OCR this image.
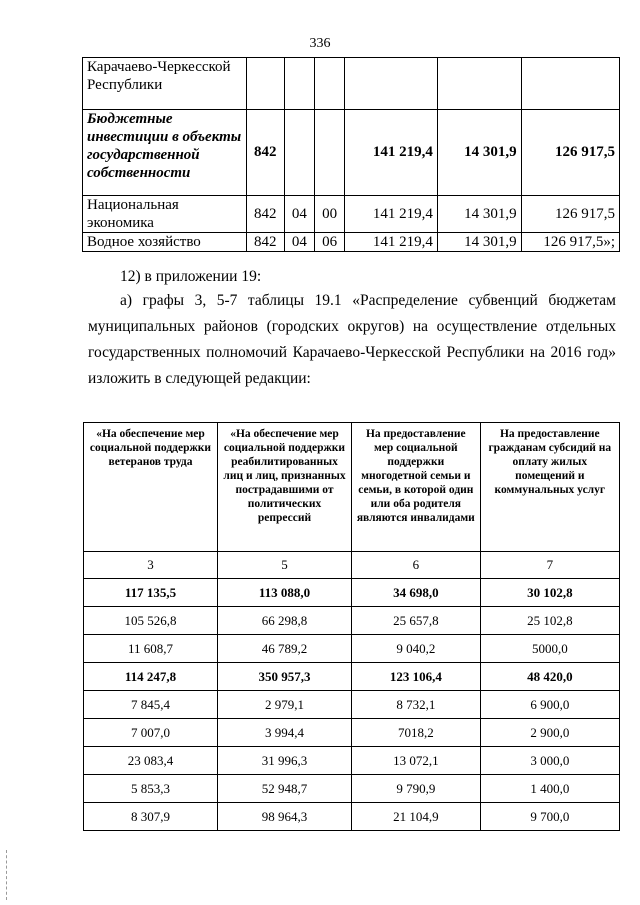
336
Карачаево-Черкесской Республики						
Бюджетные инвестиции в объекты государственной собственности	842			141 219,4	14 301,9	126 917,5
Национальная экономика	842	04	00	141 219,4	14 301,9	126 917,5
Водное хозяйство	842	04	06	141 219,4	14 301,9	126 917,5»;
12) в приложении 19:
а) графы 3, 5-7 таблицы 19.1 «Распределение субвенций бюджетам муниципальных районов (городских округов) на осуществление отдельных государственных полномочий Карачаево-Черкесской Республики на 2016 год» изложить в следующей редакции:
«На обеспечение мер социальной поддержки ветеранов труда	«На обеспечение мер социальной поддержки реабилитированных лиц и лиц, признанных пострадавшими от политических репрессий	На предоставление мер социальной поддержки многодетной семьи и семьи, в которой один или оба родителя являются инвалидами	На предоставление гражданам субсидий на оплату жилых помещений и коммунальных услуг
3	5	6	7
117 135,5	113 088,0	34 698,0	30 102,8
105 526,8	66 298,8	25 657,8	25 102,8
11 608,7	46 789,2	9 040,2	5000,0
114 247,8	350 957,3	123 106,4	48 420,0
7 845,4	2 979,1	8 732,1	6 900,0
7 007,0	3 994,4	7018,2	2 900,0
23 083,4	31 996,3	13 072,1	3 000,0
5 853,3	52 948,7	9 790,9	1 400,0
8 307,9	98 964,3	21 104,9	9 700,0
